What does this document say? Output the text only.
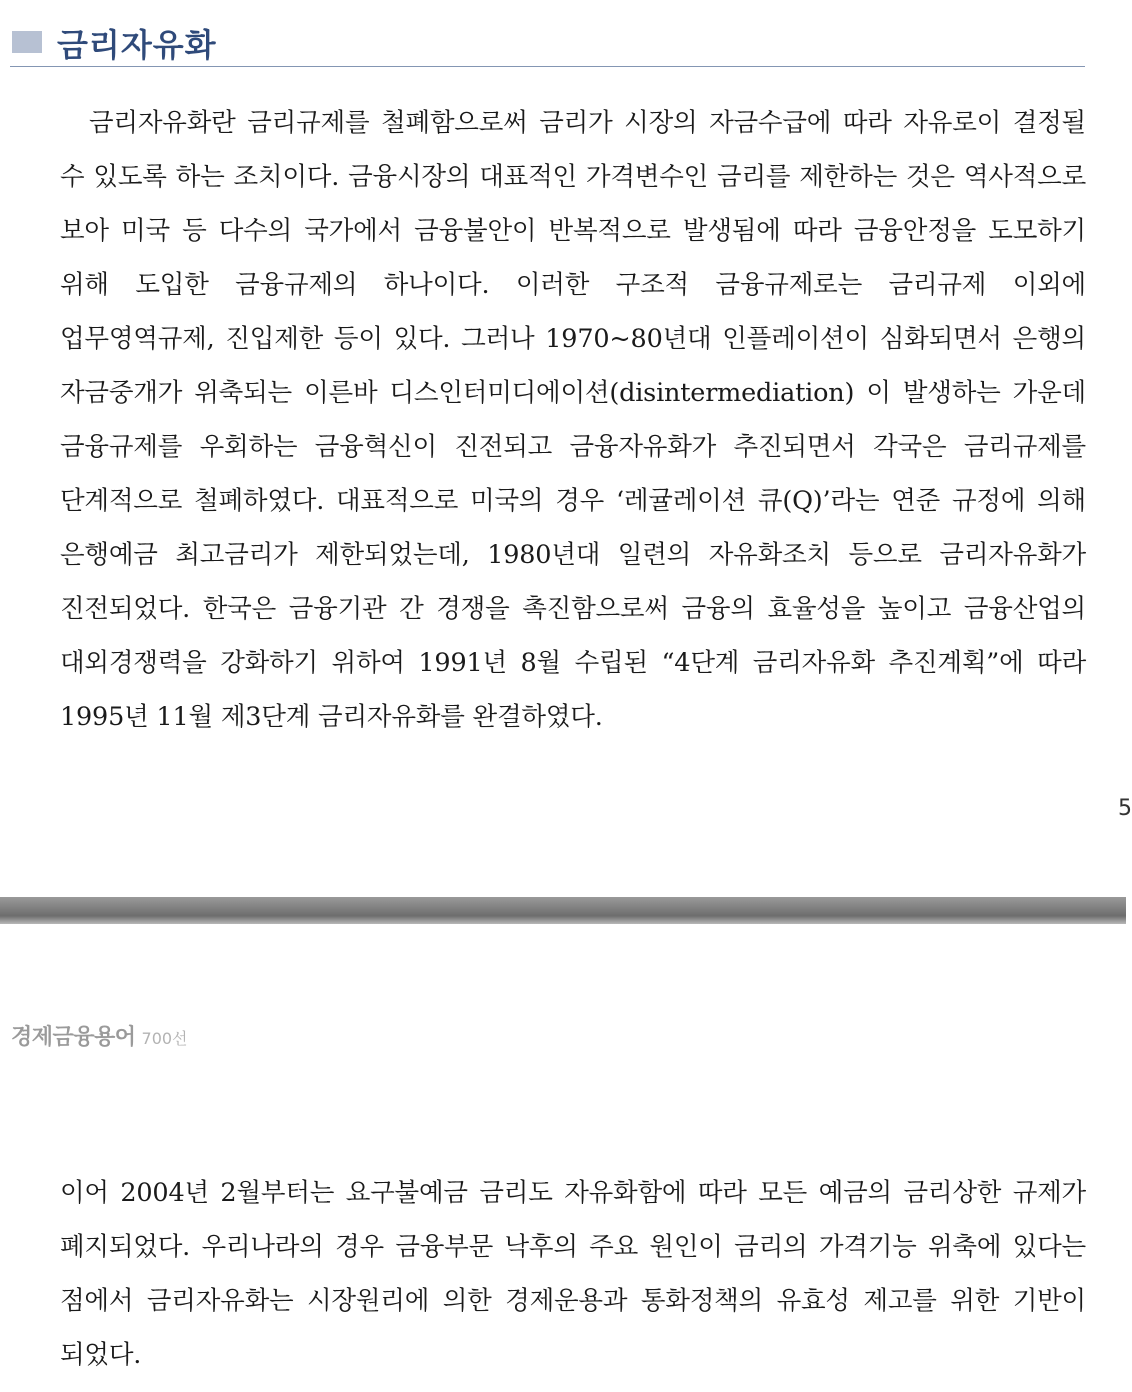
금리자유화

금리자유화란 금리규제를 철폐함으로써 금리가 시장의 자금수급에 따라 자유로이 결정될 수 있도록 하는 조치이다. 금융시장의 대표적인 가격변수인 금리를 제한하는 것은 역사적으로 보아 미국 등 다수의 국가에서 금융불안이 반복적으로 발생됨에 따라 금융안정을 도모하기 위해 도입한 금융규제의 하나이다. 이러한 구조적 금융규제로는 금리규제 이외에 업무영역규제, 진입제한 등이 있다. 그러나 1970~80년대 인플레이션이 심화되면서 은행의 자금중개가 위축되는 이른바 디스인터미디에이션(disintermediation) 이 발생하는 가운데 금융규제를 우회하는 금융혁신이 진전되고 금융자유화가 추진되면서 각국은 금리규제를 단계적으로 철폐하였다. 대표적으로 미국의 경우 ‘레귤레이션 큐(Q)’라는 연준 규정에 의해 은행예금 최고금리가 제한되었는데, 1980년대 일련의 자유화조치 등으로 금리자유화가 진전되었다. 한국은 금융기관 간 경쟁을 촉진함으로써 금융의 효율성을 높이고 금융산업의 대외경쟁력을 강화하기 위하여 1991년 8월 수립된 “4단계 금리자유화 추진계획”에 따라 1995년 11월 제3단계 금리자유화를 완결하였다.

5
경제금융용어 700선

이어 2004년 2월부터는 요구불예금 금리도 자유화함에 따라 모든 예금의 금리상한 규제가 폐지되었다. 우리나라의 경우 금융부문 낙후의 주요 원인이 금리의 가격기능 위축에 있다는 점에서 금리자유화는 시장원리에 의한 경제운용과 통화정책의 유효성 제고를 위한 기반이 되었다.
